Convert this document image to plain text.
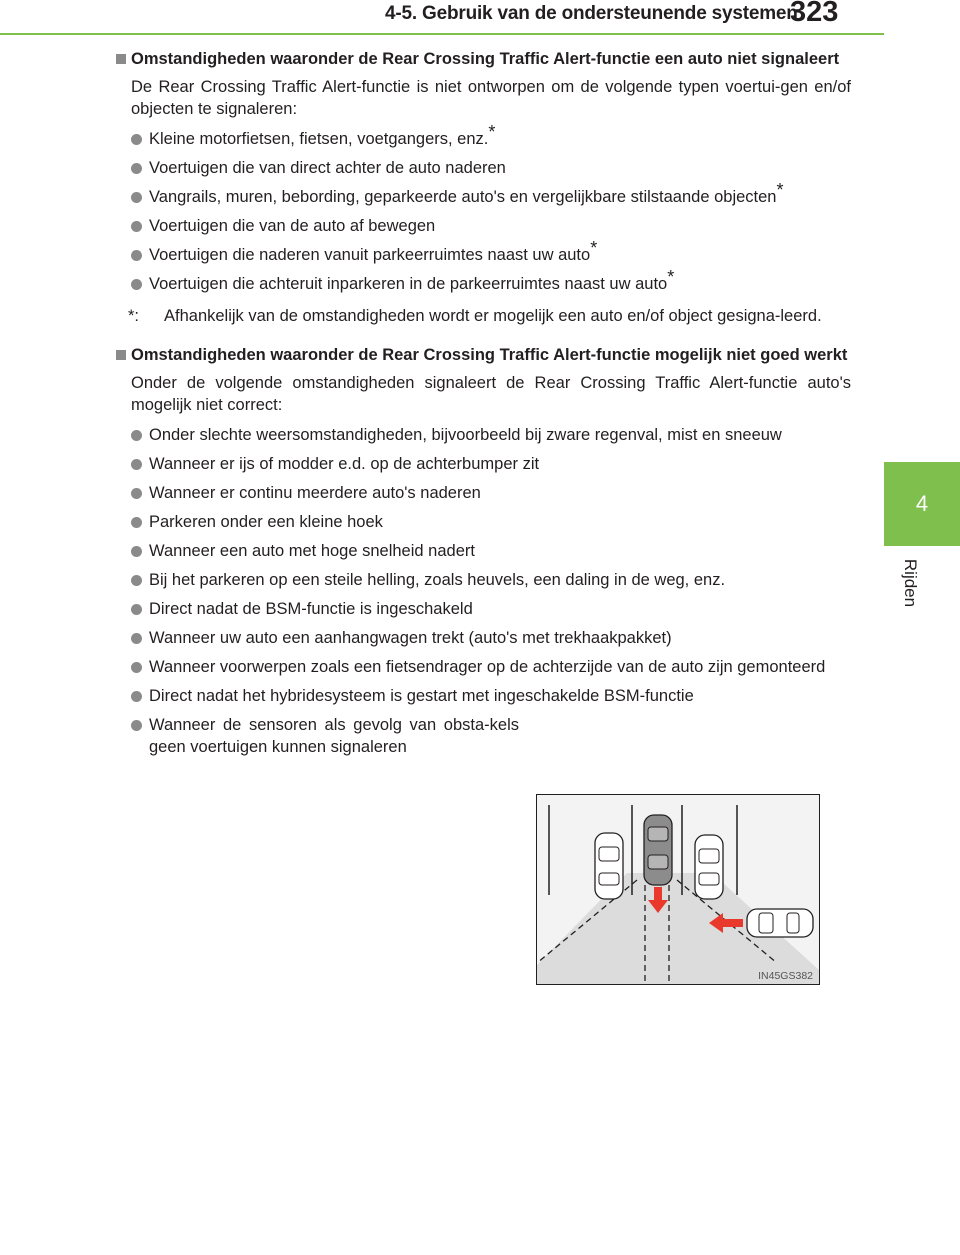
4-5. Gebruik van de ondersteunende systemen
323
4
Rijden
Omstandigheden waaronder de Rear Crossing Traffic Alert-functie een auto niet signaleert
De Rear Crossing Traffic Alert-functie is niet ontworpen om de volgende typen voertui-gen en/of objecten te signaleren:
Kleine motorfietsen, fietsen, voetgangers, enz.*
Voertuigen die van direct achter de auto naderen
Vangrails, muren, bebording, geparkeerde auto's en vergelijkbare stilstaande objecten*
Voertuigen die van de auto af bewegen
Voertuigen die naderen vanuit parkeerruimtes naast uw auto*
Voertuigen die achteruit inparkeren in de parkeerruimtes naast uw auto*
*: Afhankelijk van de omstandigheden wordt er mogelijk een auto en/of object gesigna-leerd.
Omstandigheden waaronder de Rear Crossing Traffic Alert-functie mogelijk niet goed werkt
Onder de volgende omstandigheden signaleert de Rear Crossing Traffic Alert-functie auto's mogelijk niet correct:
Onder slechte weersomstandigheden, bijvoorbeeld bij zware regenval, mist en sneeuw
Wanneer er ijs of modder e.d. op de achterbumper zit
Wanneer er continu meerdere auto's naderen
Parkeren onder een kleine hoek
Wanneer een auto met hoge snelheid nadert
Bij het parkeren op een steile helling, zoals heuvels, een daling in de weg, enz.
Direct nadat de BSM-functie is ingeschakeld
Wanneer uw auto een aanhangwagen trekt (auto's met trekhaakpakket)
Wanneer voorwerpen zoals een fietsendrager op de achterzijde van de auto zijn gemonteerd
Direct nadat het hybridesysteem is gestart met ingeschakelde BSM-functie
Wanneer de sensoren als gevolg van obsta-kels geen voertuigen kunnen signaleren
IN45GS382
